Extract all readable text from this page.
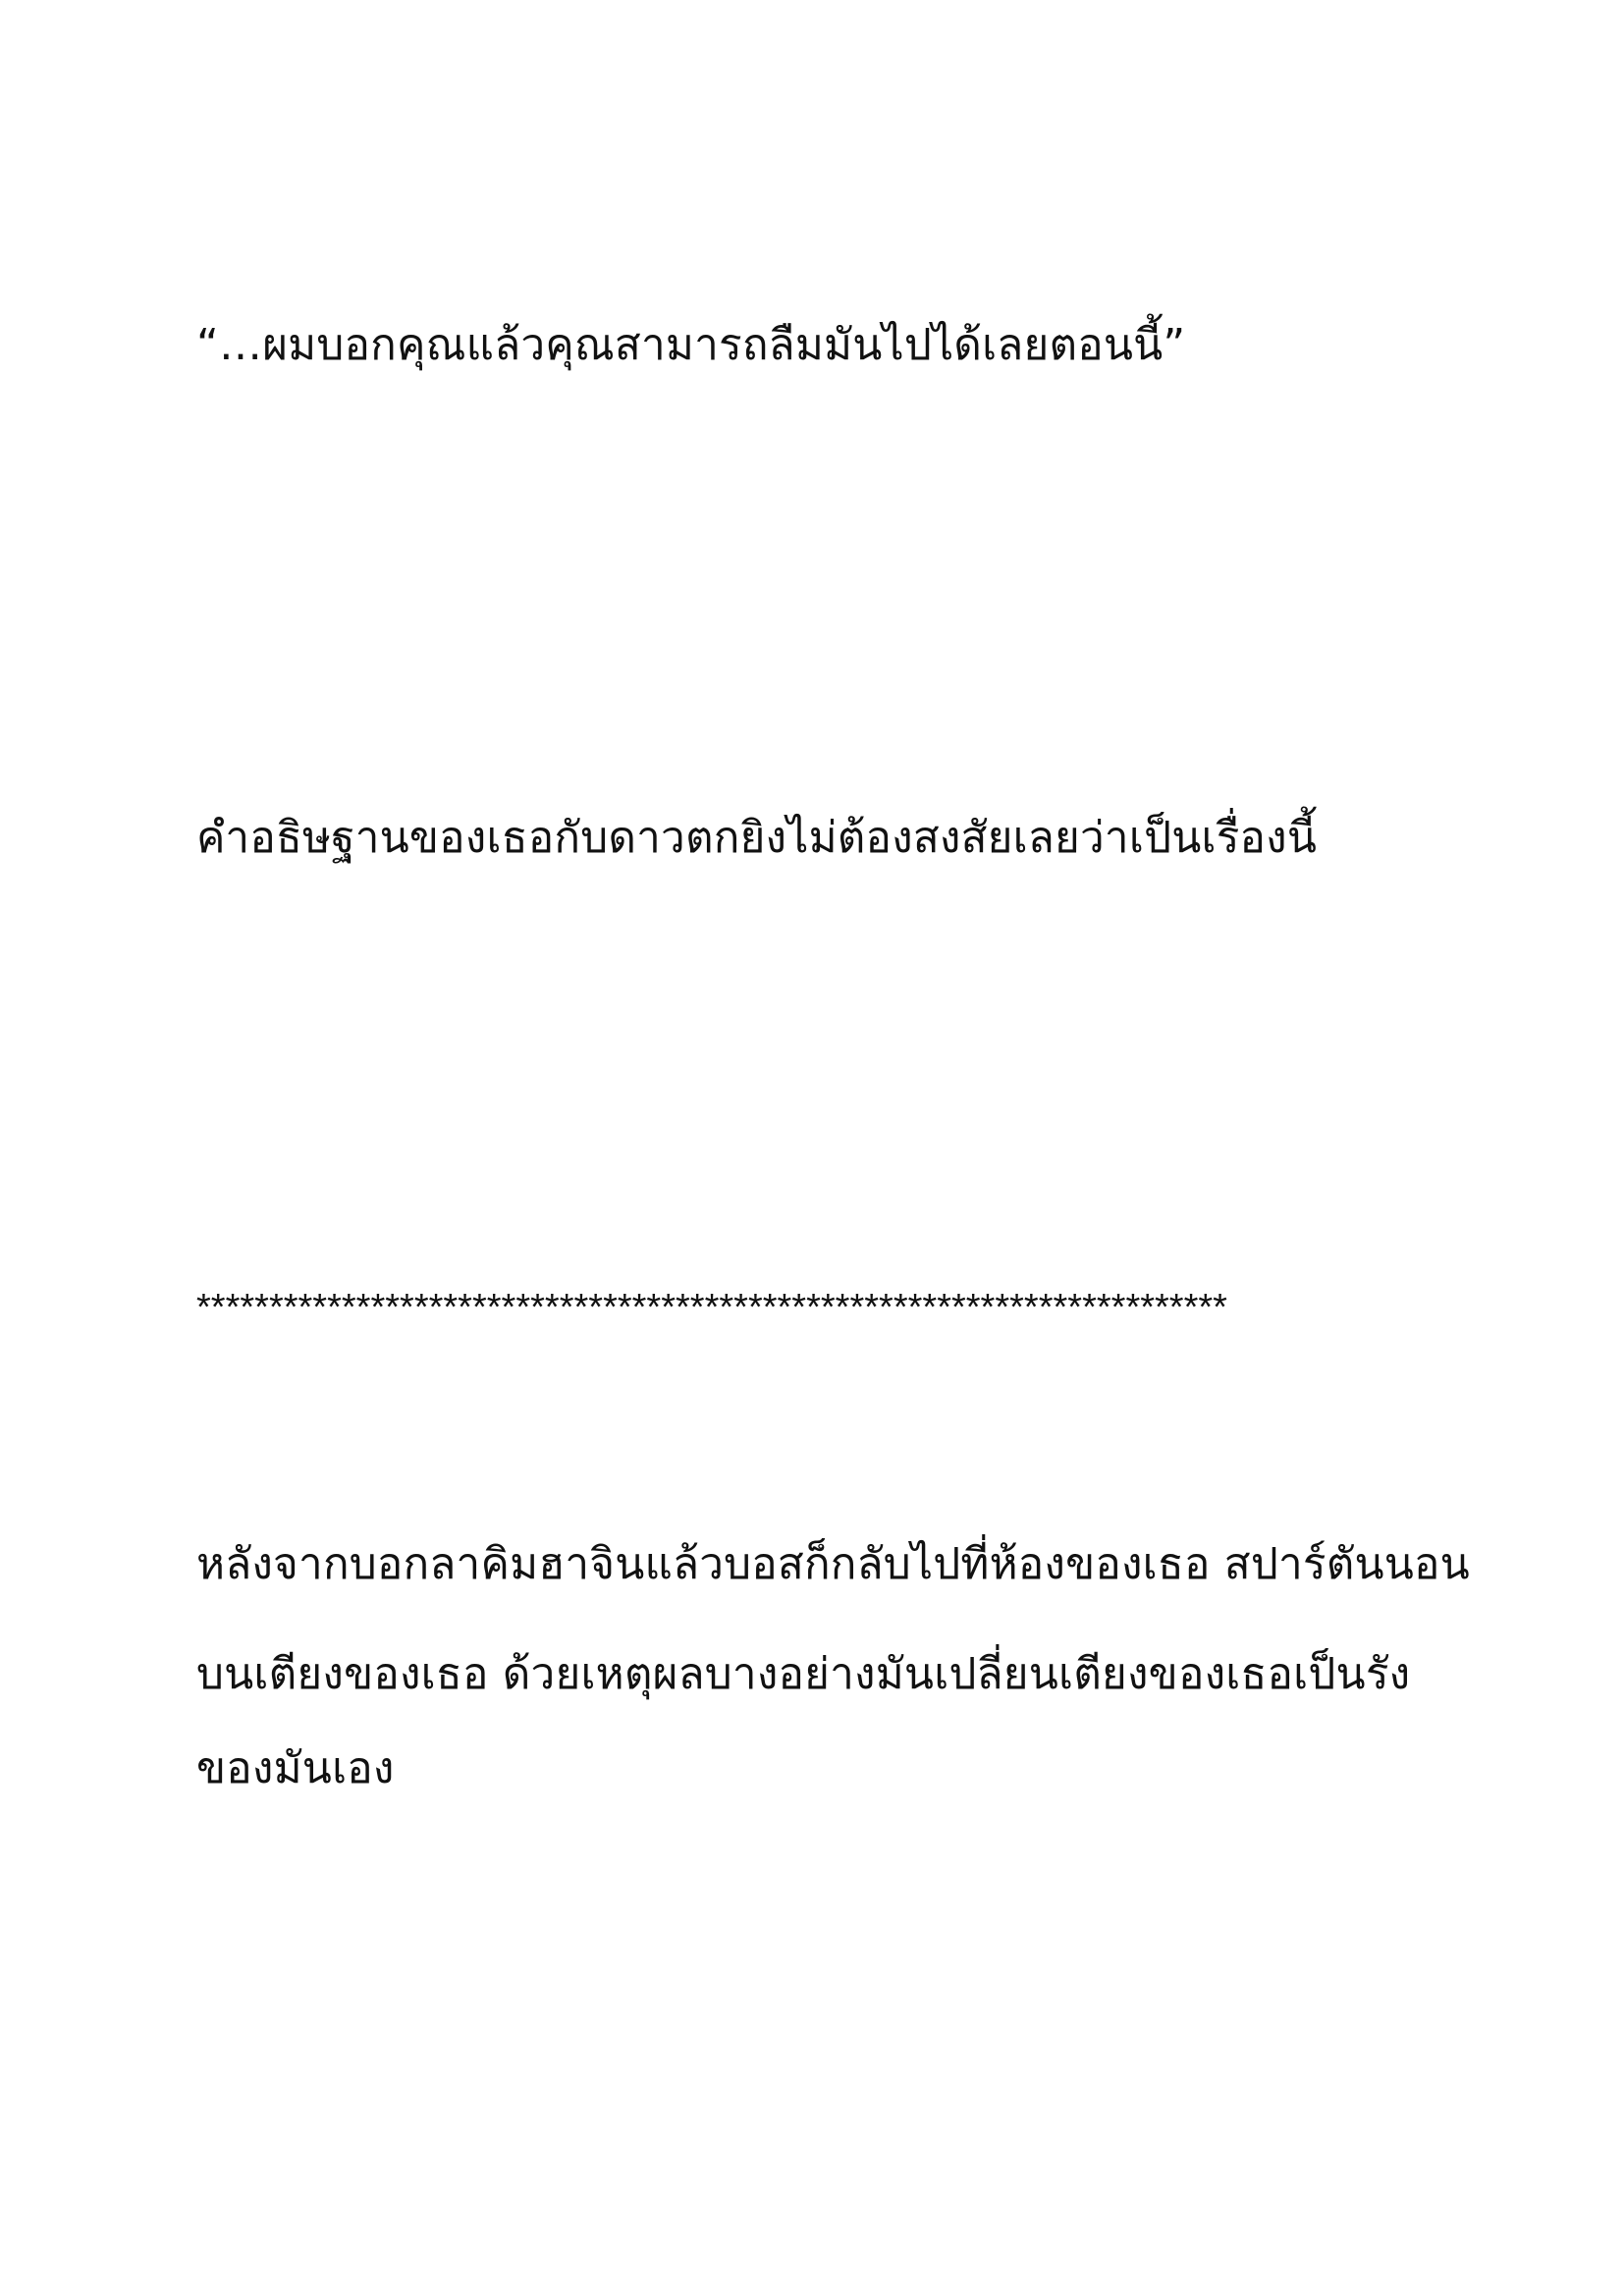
“…ผมบอกคุณแล้วคุณสามารถลืมมันไปได้เลยตอนนี้”

คำอธิษฐานของเธอกับดาวตกยิงไม่ต้องสงสัยเลยว่าเป็นเรื่องนี้

***********************************************************************

หลังจากบอกลาคิมฮาจินแล้วบอสก็กลับไปที่ห้องของเธอ สปาร์ตันนอน

บนเตียงของเธอ ด้วยเหตุผลบางอย่างมันเปลี่ยนเตียงของเธอเป็นรัง

ของมันเอง
